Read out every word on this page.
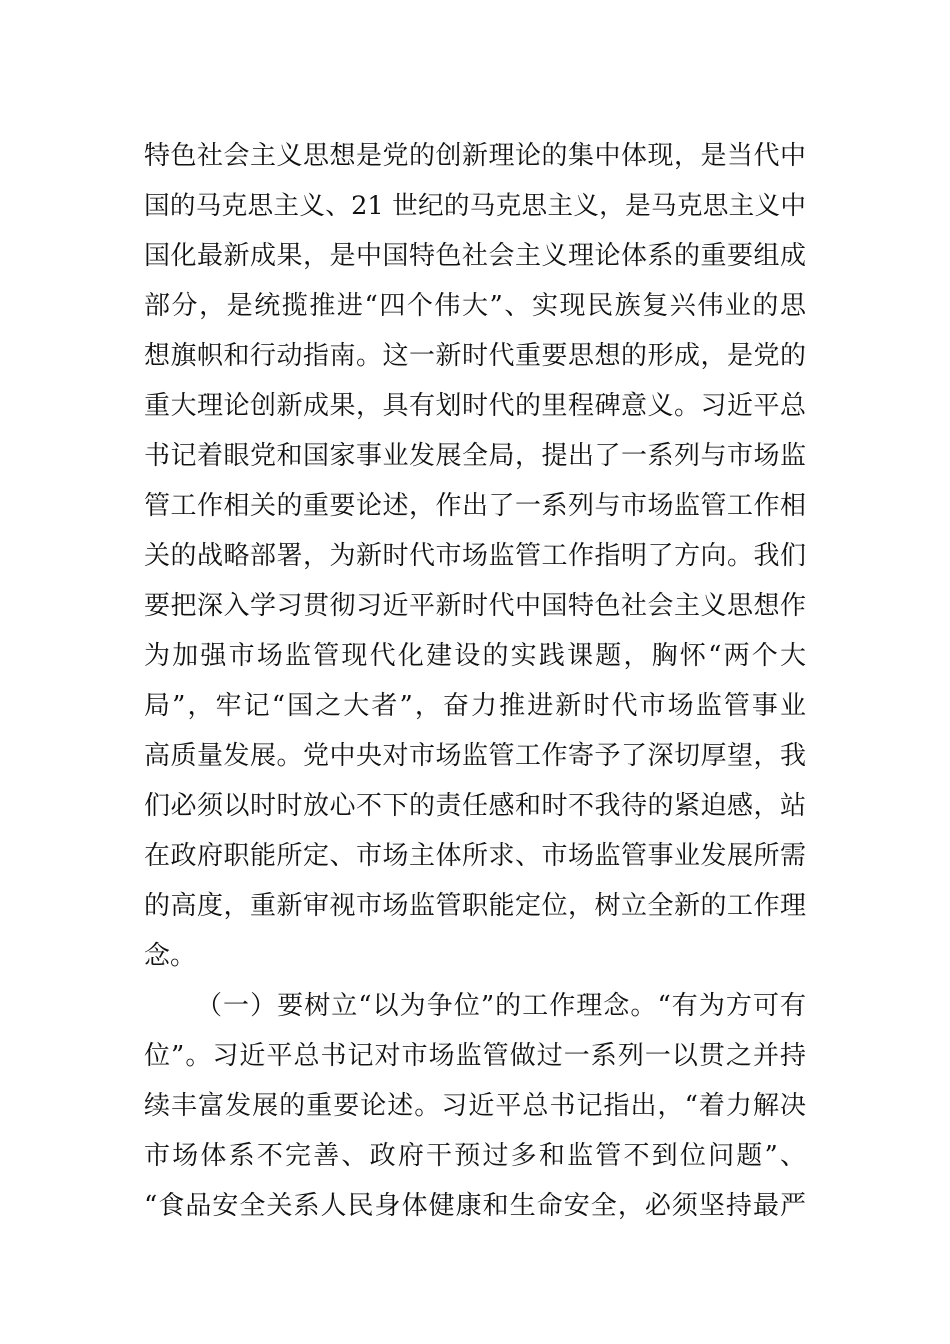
特色社会主义思想是党的创新理论的集中体现，是当代中
国的马克思主义、21 世纪的马克思主义，是马克思主义中
国化最新成果，是中国特色社会主义理论体系的重要组成
部分，是统揽推进“四个伟大”、实现民族复兴伟业的思
想旗帜和行动指南。这一新时代重要思想的形成，是党的
重大理论创新成果，具有划时代的里程碑意义。习近平总
书记着眼党和国家事业发展全局，提出了一系列与市场监
管工作相关的重要论述，作出了一系列与市场监管工作相
关的战略部署，为新时代市场监管工作指明了方向。我们
要把深入学习贯彻习近平新时代中国特色社会主义思想作
为加强市场监管现代化建设的实践课题，胸怀“两个大
局”，牢记“国之大者”，奋力推进新时代市场监管事业
高质量发展。党中央对市场监管工作寄予了深切厚望，我
们必须以时时放心不下的责任感和时不我待的紧迫感，站
在政府职能所定、市场主体所求、市场监管事业发展所需
的高度，重新审视市场监管职能定位，树立全新的工作理
念。
（一）要树立“以为争位”的工作理念。“有为方可有
位”。习近平总书记对市场监管做过一系列一以贯之并持
续丰富发展的重要论述。习近平总书记指出，“着力解决
市场体系不完善、政府干预过多和监管不到位问题”、
“食品安全关系人民身体健康和生命安全，必须坚持最严
